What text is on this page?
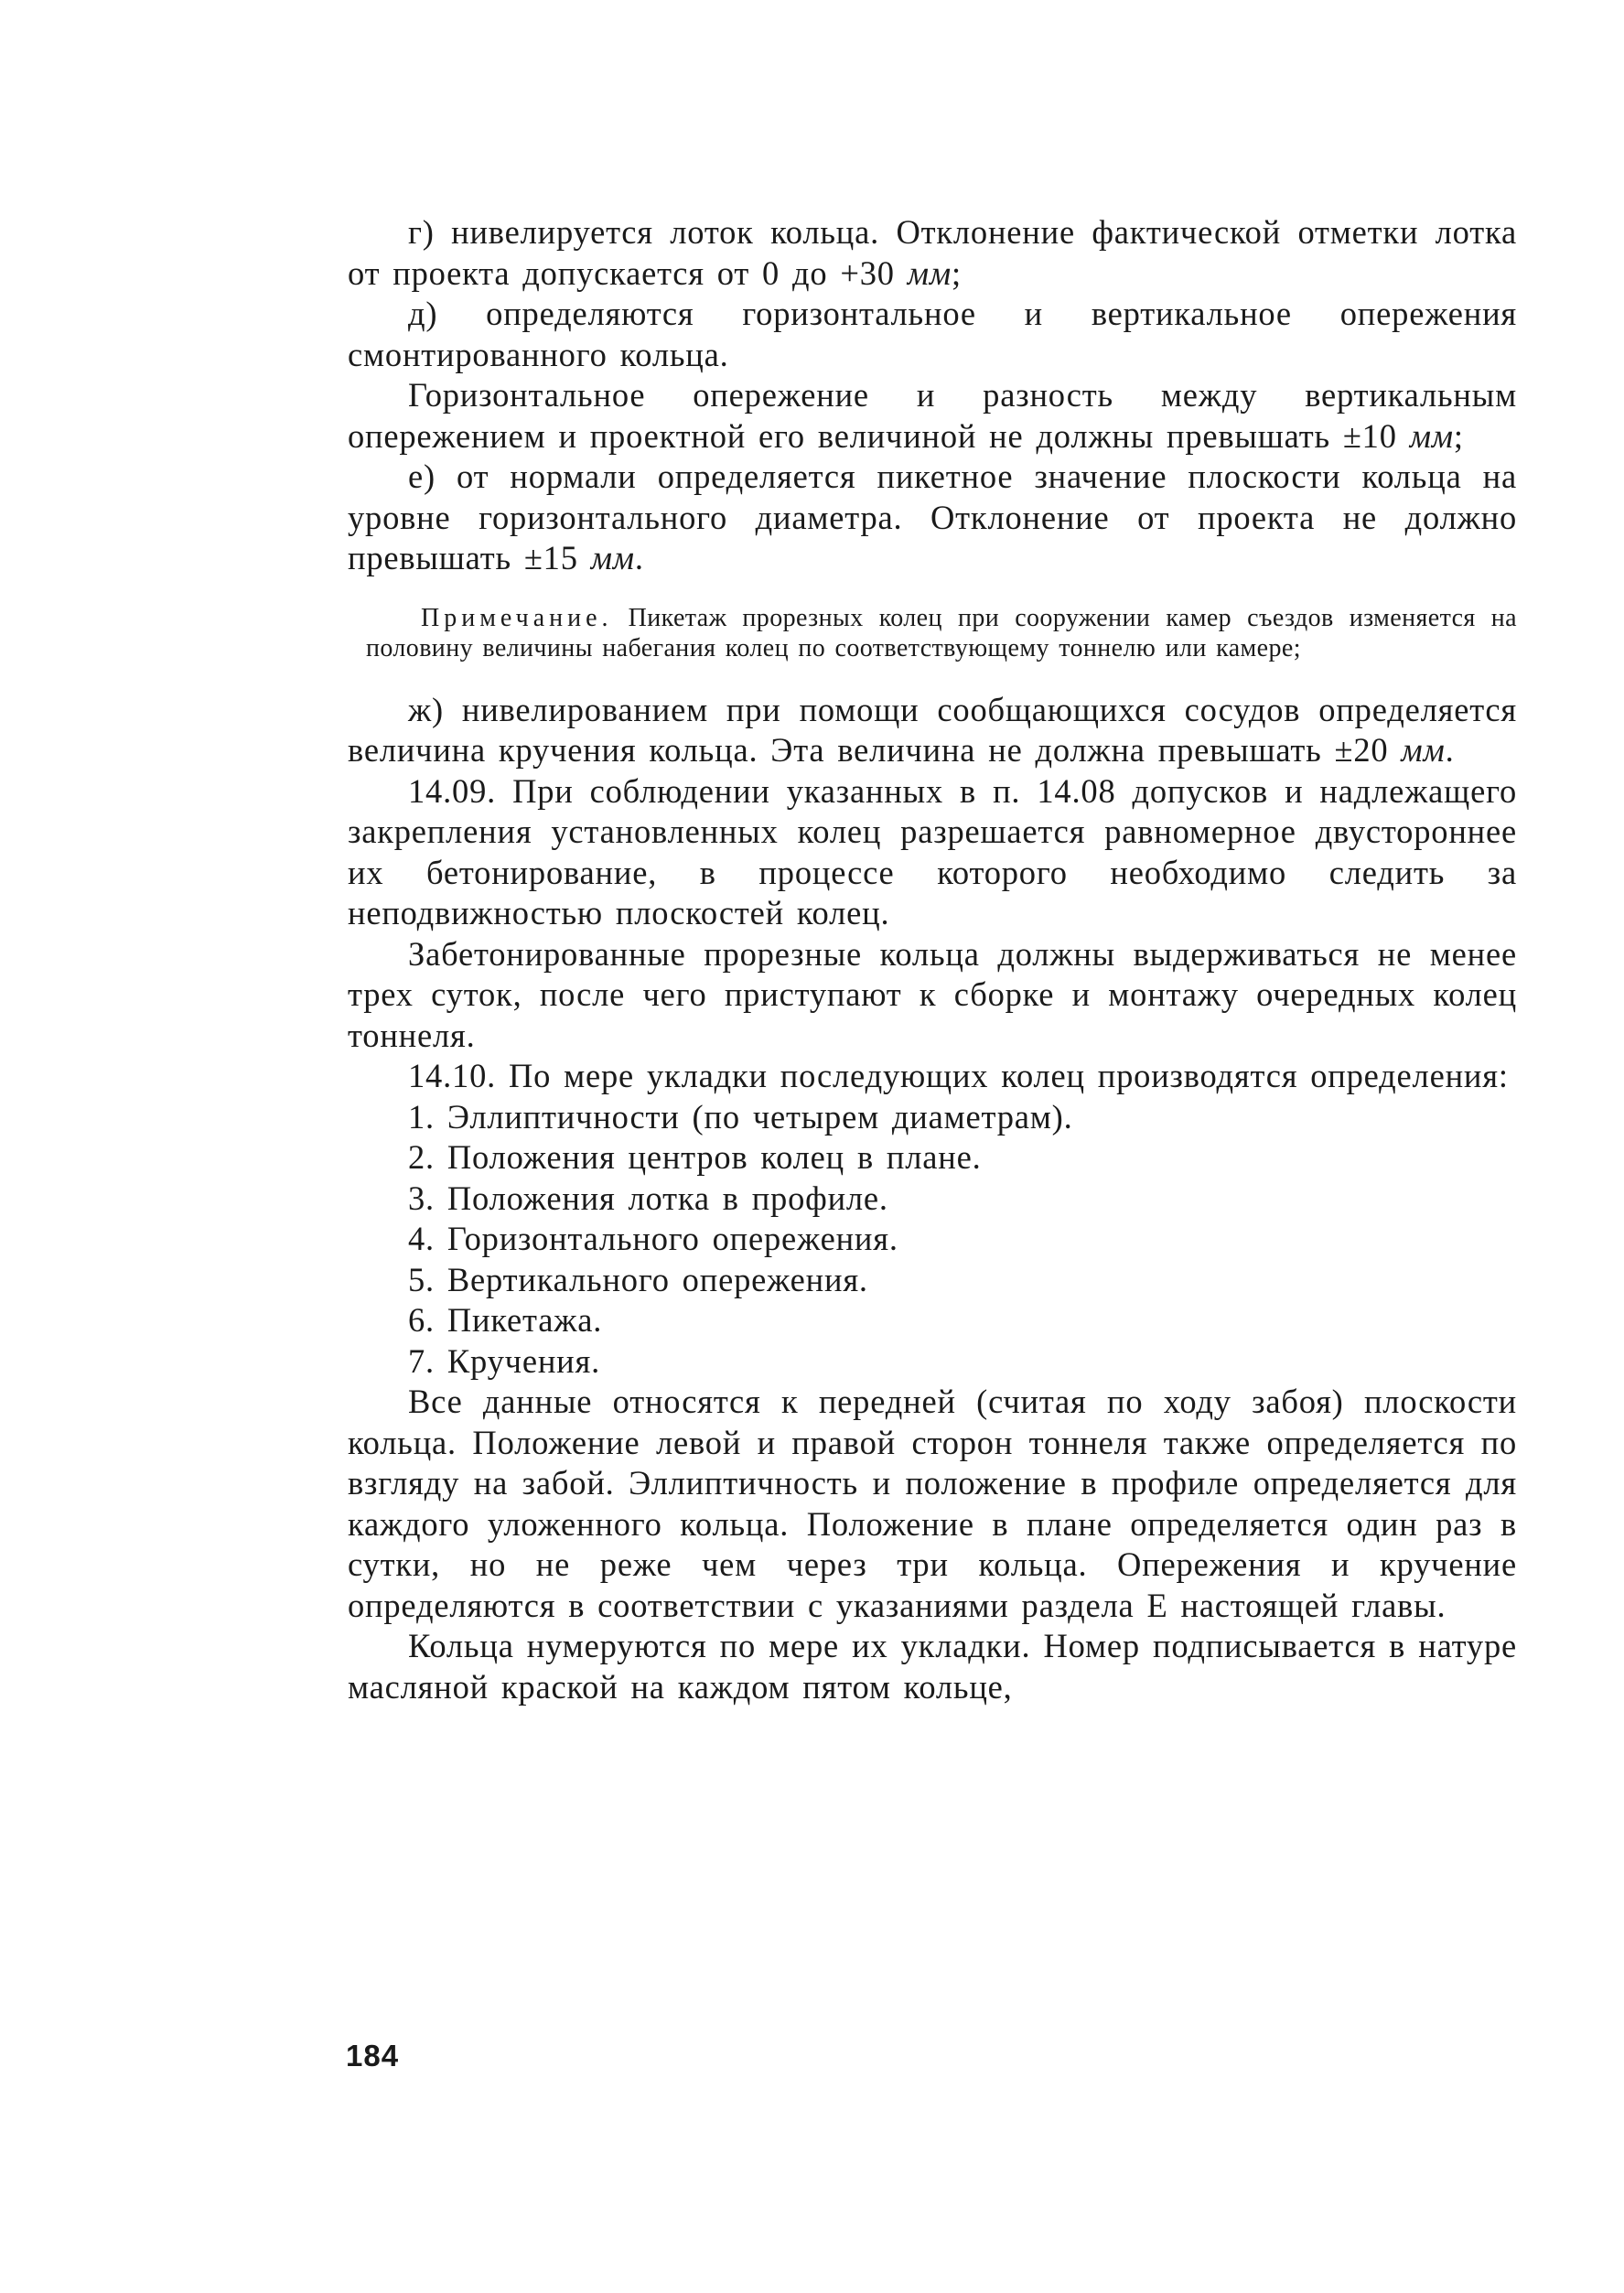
г) нивелируется лоток кольца. Отклонение фактической отметки лотка от проекта допускается от 0 до +30 мм;

д) определяются горизонтальное и вертикальное опережения смонтированного кольца.

Горизонтальное опережение и разность между вертикальным опережением и проектной его величиной не должны превышать ±10 мм;

е) от нормали определяется пикетное значение плоскости кольца на уровне горизонтального диаметра. Отклонение от проекта не должно превышать ±15 мм.

Примечание. Пикетаж прорезных колец при сооружении камер съездов изменяется на половину величины набегания колец по соответствующему тоннелю или камере;

ж) нивелированием при помощи сообщающихся сосудов определяется величина кручения кольца. Эта величина не должна превышать ±20 мм.

14.09. При соблюдении указанных в п. 14.08 допусков и надлежащего закрепления установленных колец разрешается равномерное двустороннее их бетонирование, в процессе которого необходимо следить за неподвижностью плоскостей колец.

Забетонированные прорезные кольца должны выдерживаться не менее трех суток, после чего приступают к сборке и монтажу очередных колец тоннеля.

14.10. По мере укладки последующих колец производятся определения:

1. Эллиптичности (по четырем диаметрам).
2. Положения центров колец в плане.
3. Положения лотка в профиле.
4. Горизонтального опережения.
5. Вертикального опережения.
6. Пикетажа.
7. Кручения.

Все данные относятся к передней (считая по ходу забоя) плоскости кольца. Положение левой и правой сторон тоннеля также определяется по взгляду на забой. Эллиптичность и положение в профиле определяется для каждого уложенного кольца. Положение в плане определяется один раз в сутки, но не реже чем через три кольца. Опережения и кручение определяются в соответствии с указаниями раздела Е настоящей главы.

Кольца нумеруются по мере их укладки. Номер подписывается в натуре масляной краской на каждом пятом кольце,

184
